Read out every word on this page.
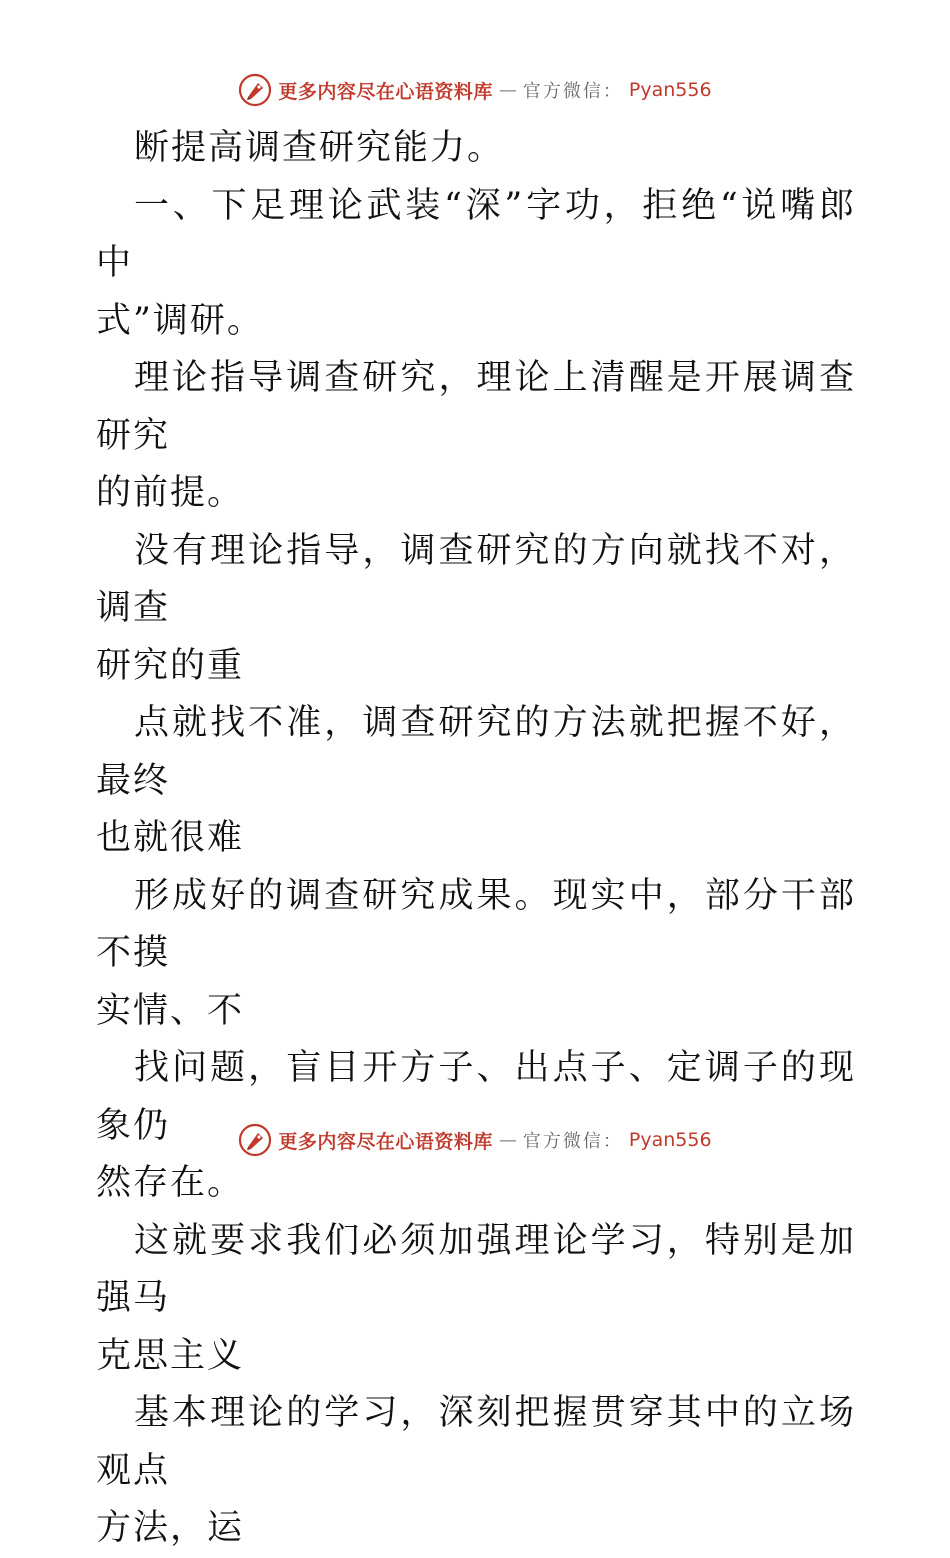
更多内容尽在心语资料库 — 官方微信： Pyan556

断提高调查研究能力。

一、下足理论武装“深”字功，拒绝“说嘴郎中
式”调研。

理论指导调查研究，理论上清醒是开展调查研究
的前提。

没有理论指导，调查研究的方向就找不对，调查
研究的重

点就找不准，调查研究的方法就把握不好，最终
也就很难

形成好的调查研究成果。现实中，部分干部不摸
实情、不

找问题，盲目开方子、出点子、定调子的现象仍
然存在。

这就要求我们必须加强理论学习，特别是加强马
克思主义

基本理论的学习，深刻把握贯穿其中的立场观点
方法，运

更多内容尽在心语资料库 — 官方微信： Pyan556
